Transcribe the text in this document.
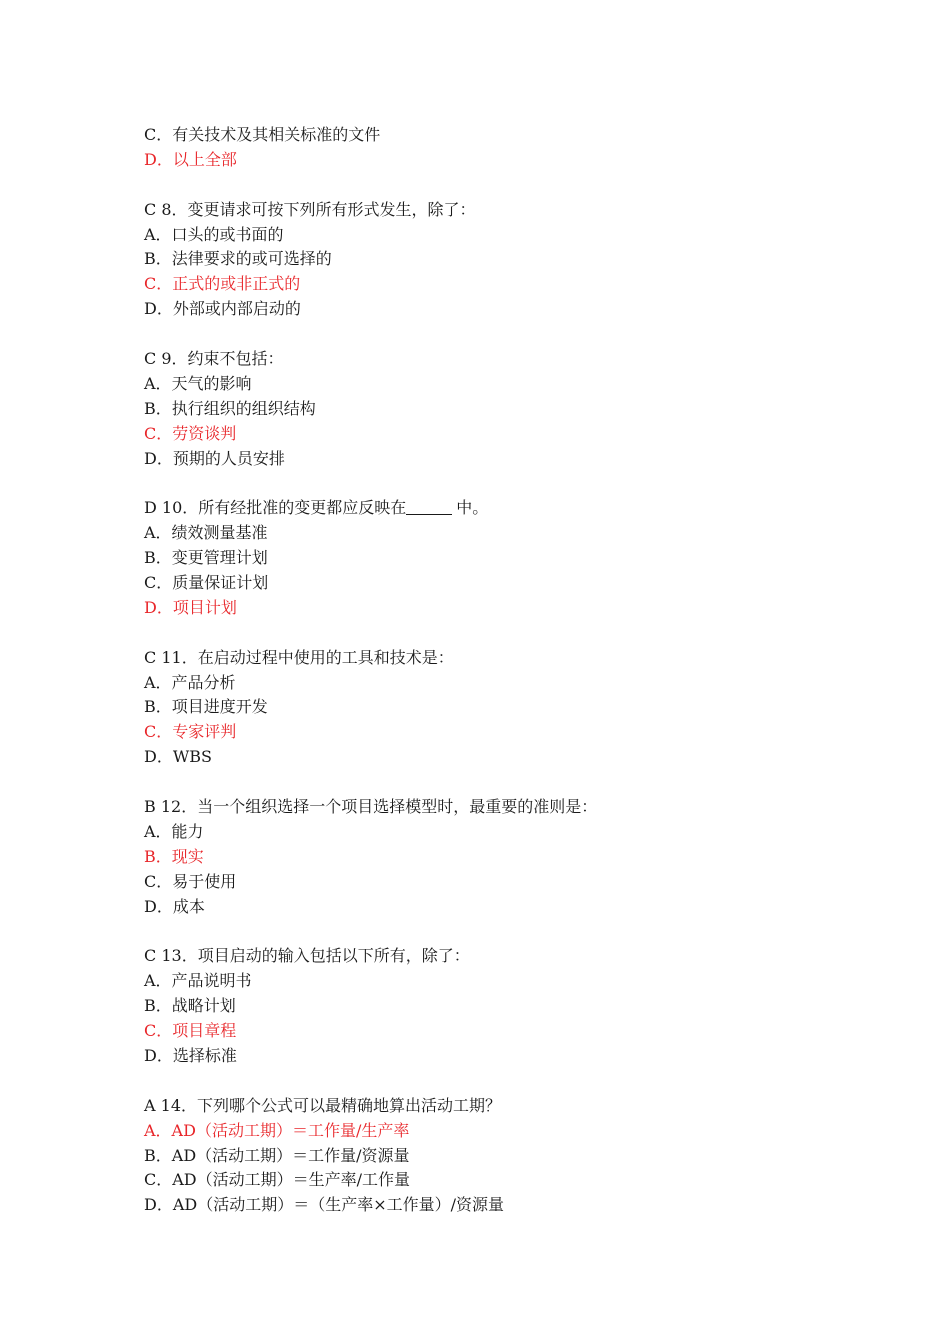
C．有关技术及其相关标准的文件
D．以上全部
C 8．变更请求可按下列所有形式发生，除了：
A．口头的或书面的
B．法律要求的或可选择的
C．正式的或非正式的
D．外部或内部启动的
C 9．约束不包括：
A．天气的影响
B．执行组织的组织结构
C．劳资谈判
D．预期的人员安排
D 10．所有经批准的变更都应反映在	中。
A．绩效测量基准
B．变更管理计划
C．质量保证计划
D．项目计划
C 11．在启动过程中使用的工具和技术是：
A．产品分析
B．项目进度开发
C．专家评判
D．WBS
B 12．当一个组织选择一个项目选择模型时，最重要的准则是：
A．能力
B．现实
C．易于使用
D．成本
C 13．项目启动的输入包括以下所有，除了：
A．产品说明书
B．战略计划
C．项目章程
D．选择标准
A 14．下列哪个公式可以最精确地算出活动工期？
A．AD（活动工期）＝工作量/生产率
B．AD（活动工期）＝工作量/资源量
C．AD（活动工期）＝生产率/工作量
D．AD（活动工期）＝（生产率×工作量）/资源量
